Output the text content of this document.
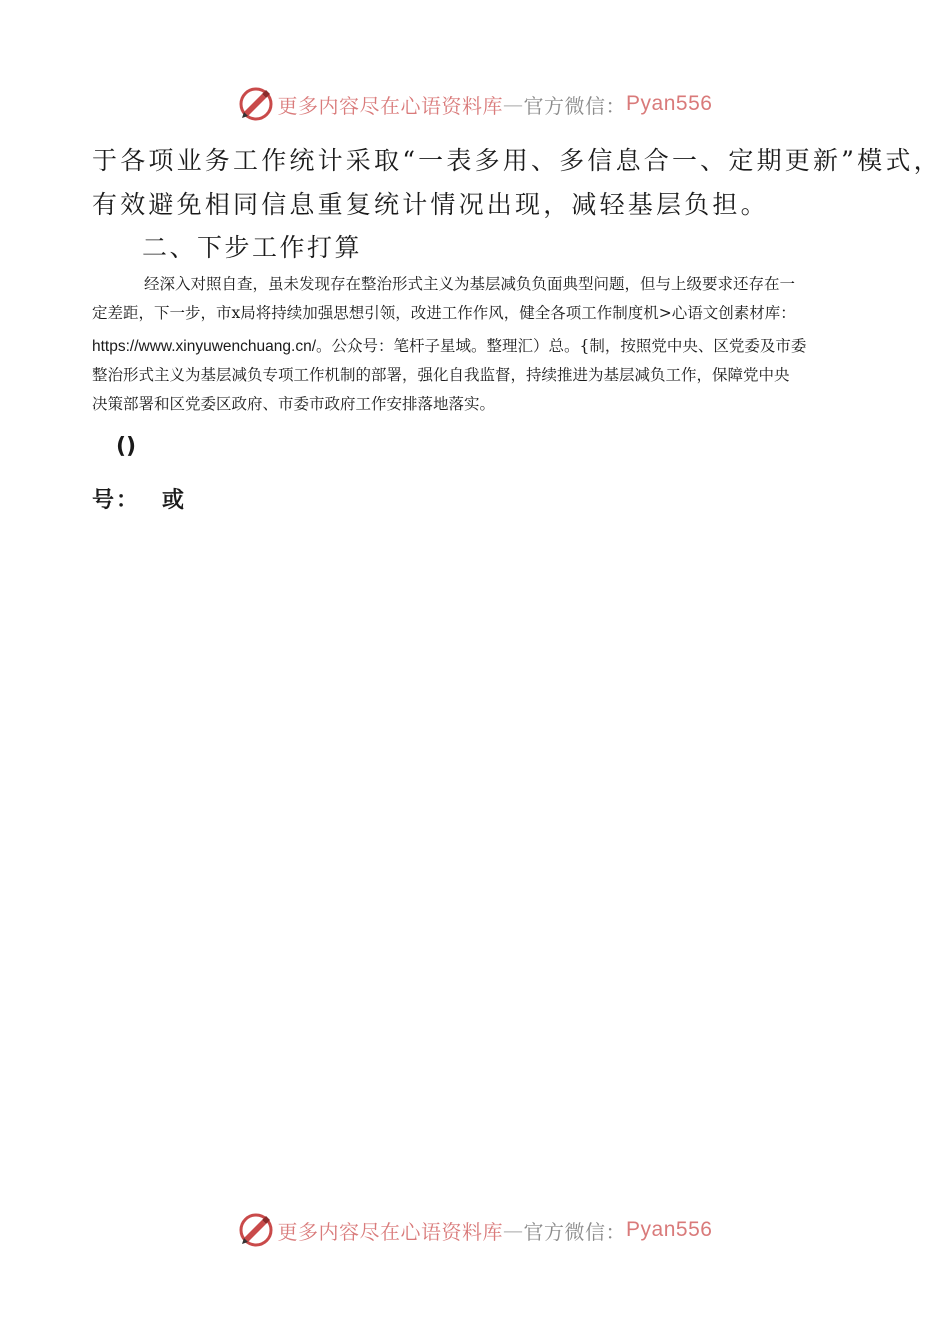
更多内容尽在心语资料库 — 官方微信： Pyan556
于各项业务工作统计采取“一表多用、多信息合一、定期更新”模式，
有效避免相同信息重复统计情况出现，减轻基层负担。
二、下步工作打算
经深入对照自查，虽未发现存在整治形式主义为基层减负负面典型问题，但与上级要求还存在一
定差距，下一步，市x局将持续加强思想引领，改进工作作风，健全各项工作制度机>心语文创素材库：
https://www.xinyuwenchuang.cn/。公众号：笔杆子星域。整理汇）总。{制，按照党中央、区党委及市委
整治形式主义为基层减负专项工作机制的部署，强化自我监督，持续推进为基层减负工作，保障党中央
决策部署和区党委区政府、市委市政府工作安排落地落实。
()
号： 或
更多内容尽在心语资料库 — 官方微信： Pyan556
